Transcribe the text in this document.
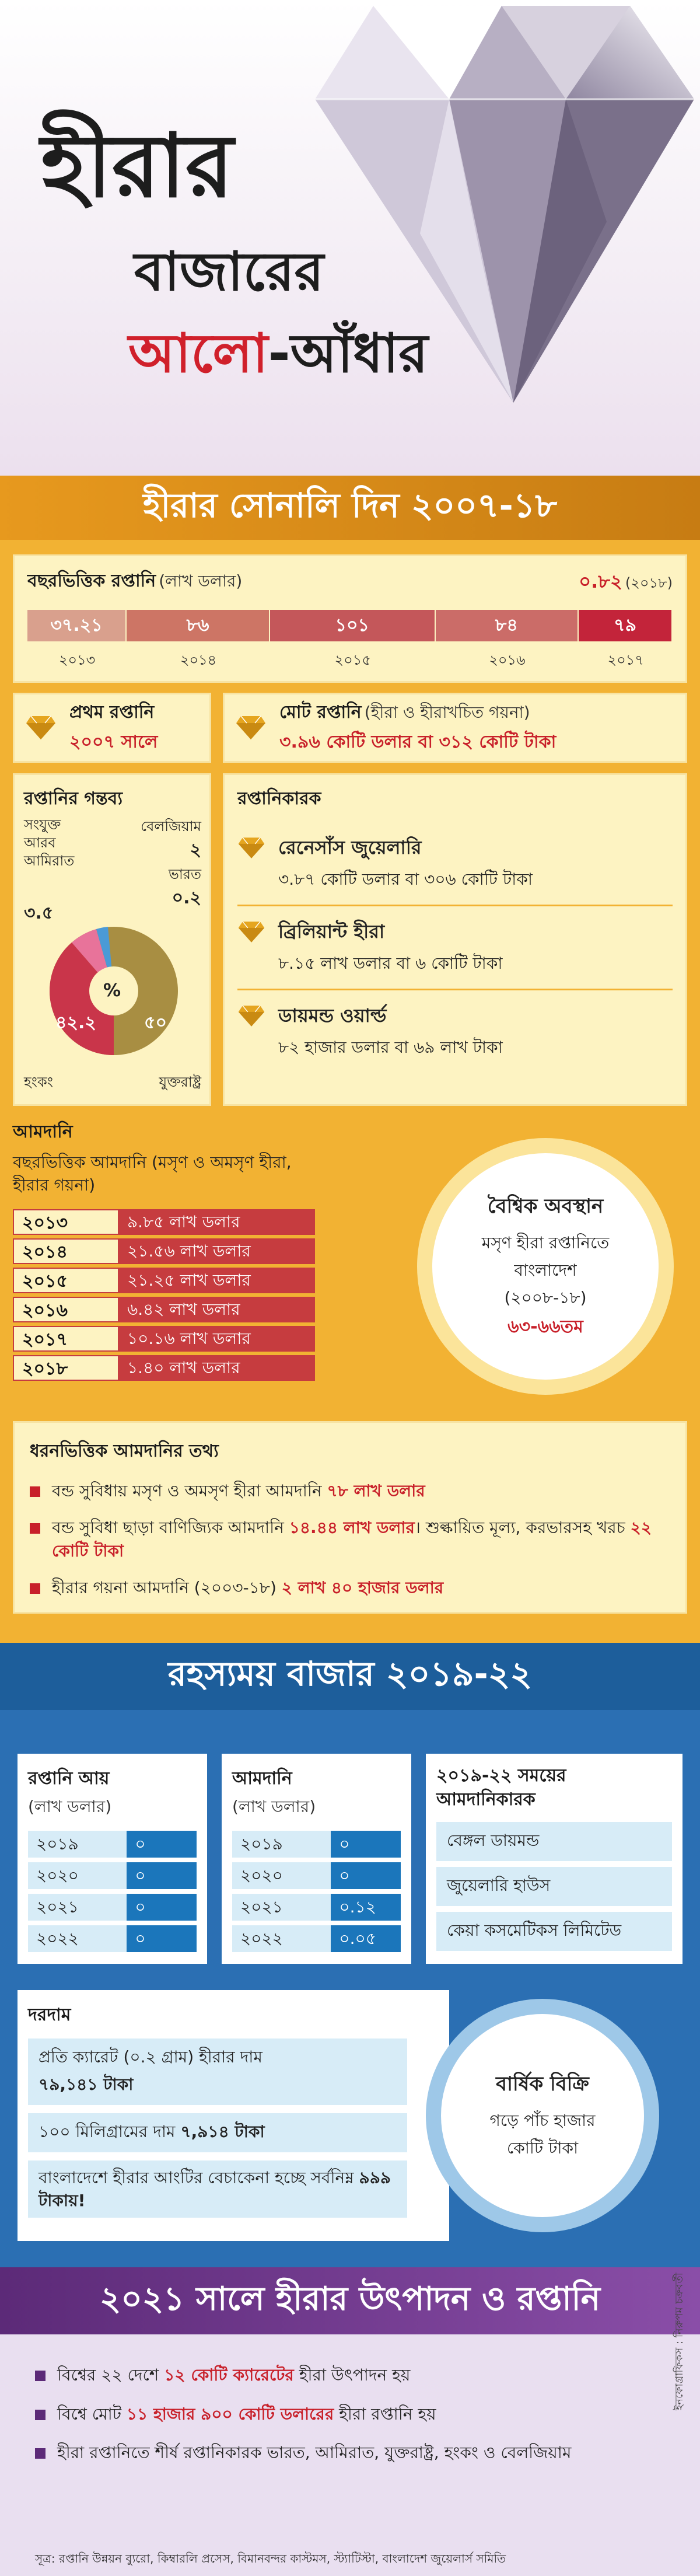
হীরার
বাজারের
আলো-আঁধার
হীরার সোনালি দিন ২০০৭-১৮
বছরভিত্তিক রপ্তানি (লাখ ডলার)	০.৮২ (২০১৮)
৩৭.২১	৮৬	১০১	৮৪	৭৯
২০১৩	২০১৪	২০১৫	২০১৬	২০১৭
প্রথম রপ্তানি
২০০৭ সালে
মোট রপ্তানি (হীরা ও হীরাখচিত গয়না)
৩.৯৬ কোটি ডলার বা ৩১২ কোটি টাকা
রপ্তানির গন্তব্য
সংযুক্ত আরব আমিরাত
৩.৫
বেলজিয়াম
২
ভারত
০.২
%
৪২.২	৫০
হংকং	যুক্তরাষ্ট্র
রপ্তানিকারক
রেনেসাঁস জুয়েলারি
৩.৮৭ কোটি ডলার বা ৩০৬ কোটি টাকা
ব্রিলিয়ান্ট হীরা
৮.১৫ লাখ ডলার বা ৬ কোটি টাকা
ডায়মন্ড ওয়ার্ল্ড
৮২ হাজার ডলার বা ৬৯ লাখ টাকা
আমদানি
বছরভিত্তিক আমদানি (মসৃণ ও অমসৃণ হীরা, হীরার গয়না)
২০১৩	৯.৮৫ লাখ ডলার
২০১৪	২১.৫৬ লাখ ডলার
২০১৫	২১.২৫ লাখ ডলার
২০১৬	৬.৪২ লাখ ডলার
২০১৭	১০.১৬ লাখ ডলার
২০১৮	১.৪০ লাখ ডলার
বৈশ্বিক অবস্থান
মসৃণ হীরা রপ্তানিতে
বাংলাদেশ
(২০০৮-১৮)
৬৩-৬৬তম
ধরনভিত্তিক আমদানির তথ্য
বন্ড সুবিধায় মসৃণ ও অমসৃণ হীরা আমদানি ৭৮ লাখ ডলার
বন্ড সুবিধা ছাড়া বাণিজ্যিক আমদানি ১৪.৪৪ লাখ ডলার। শুল্কায়িত মূল্য, করভারসহ খরচ ২২ কোটি টাকা
হীরার গয়না আমদানি (২০০৩-১৮) ২ লাখ ৪০ হাজার ডলার
রহস্যময় বাজার ২০১৯-২২
রপ্তানি আয়
(লাখ ডলার)
২০১৯	০
২০২০	০
২০২১	০
২০২২	০
আমদানি
(লাখ ডলার)
২০১৯	০
২০২০	০
২০২১	০.১২
২০২২	০.০৫
২০১৯-২২ সময়ের আমদানিকারক
বেঙ্গল ডায়মন্ড
জুয়েলারি হাউস
কেয়া কসমেটিকস লিমিটেড
দরদাম
প্রতি ক্যারেট (০.২ গ্রাম) হীরার দাম
৭৯,১৪১ টাকা
১০০ মিলিগ্রামের দাম ৭,৯১৪ টাকা
বাংলাদেশে হীরার আংটির বেচাকেনা হচ্ছে সর্বনিম্ন ৯৯৯ টাকায়!
বার্ষিক বিক্রি
গড়ে পাঁচ হাজার
কোটি টাকা
২০২১ সালে হীরার উৎপাদন ও রপ্তানি
বিশ্বের ২২ দেশে ১২ কোটি ক্যারেটের হীরা উৎপাদন হয়
বিশ্বে মোট ১১ হাজার ৯০০ কোটি ডলারের হীরা রপ্তানি হয়
হীরা রপ্তানিতে শীর্ষ রপ্তানিকারক ভারত, আমিরাত, যুক্তরাষ্ট্র, হংকং ও বেলজিয়াম
সূত্র: রপ্তানি উন্নয়ন ব্যুরো, কিম্বারলি প্রসেস, বিমানবন্দর কাস্টমস, স্ট্যাটিস্টা, বাংলাদেশ জুয়েলার্স সমিতি
ইনফোগ্রাফিকস : নিরুপম চক্রবর্তী
